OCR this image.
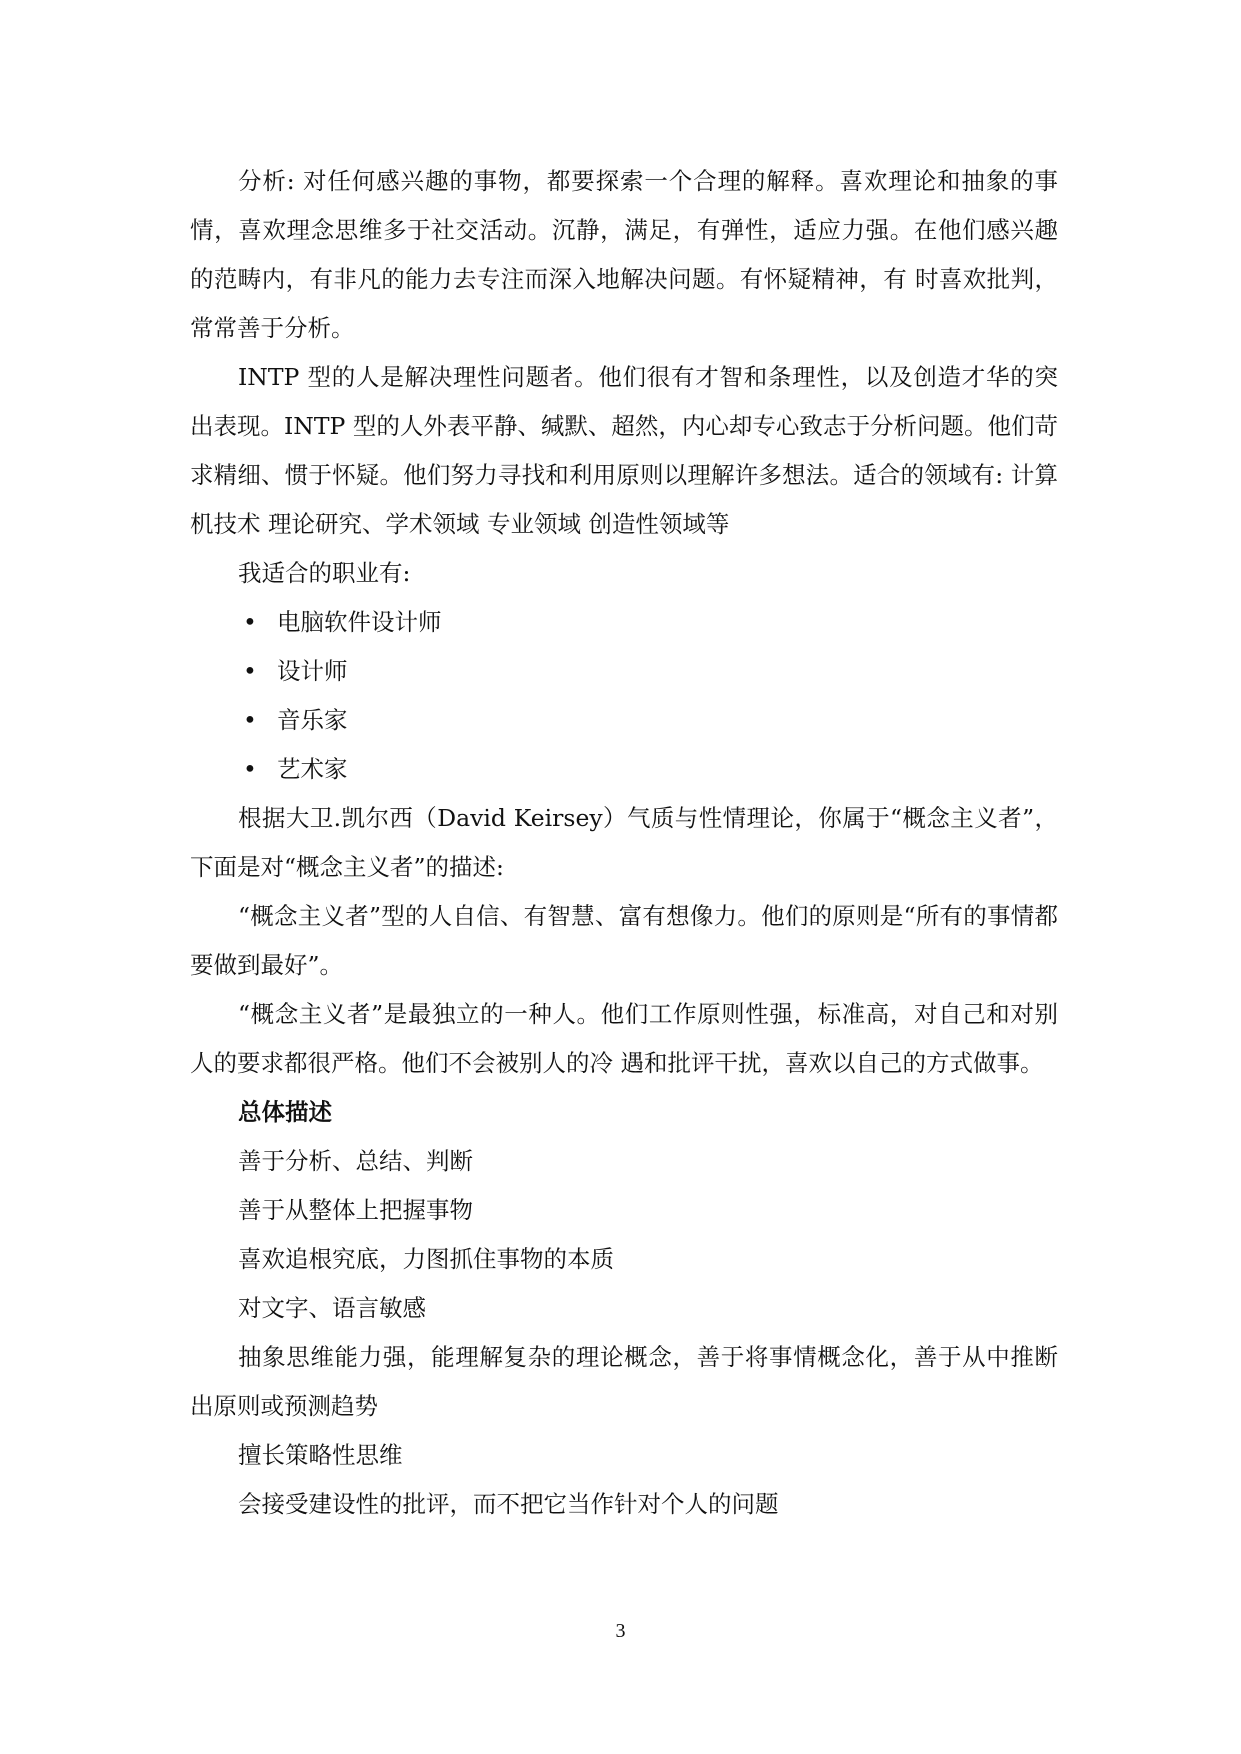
分析: 对任何感兴趣的事物，都要探索一个合理的解释。喜欢理论和抽象的事情，喜欢理念思维多于社交活动。沉静，满足，有弹性，适应力强。在他们感兴趣的范畴内，有非凡的能力去专注而深入地解决问题。有怀疑精神，有 时喜欢批判，常常善于分析。

INTP 型的人是解决理性问题者。他们很有才智和条理性，以及创造才华的突出表现。INTP 型的人外表平静、缄默、超然，内心却专心致志于分析问题。他们苛求精细、惯于怀疑。他们努力寻找和利用原则以理解许多想法。适合的领域有: 计算机技术 理论研究、学术领域 专业领域 创造性领域等

我适合的职业有:

• 电脑软件设计师
• 设计师
• 音乐家
• 艺术家

根据大卫.凯尔西（David Keirsey）气质与性情理论，你属于“概念主义者”，下面是对“概念主义者”的描述:

“概念主义者”型的人自信、有智慧、富有想像力。他们的原则是“所有的事情都要做到最好”。

“概念主义者”是最独立的一种人。他们工作原则性强，标准高，对自己和对别人的要求都很严格。他们不会被别人的冷 遇和批评干扰，喜欢以自己的方式做事。

总体描述

善于分析、总结、判断

善于从整体上把握事物

喜欢追根究底，力图抓住事物的本质

对文字、语言敏感

抽象思维能力强，能理解复杂的理论概念，善于将事情概念化，善于从中推断出原则或预测趋势

擅长策略性思维

会接受建设性的批评，而不把它当作针对个人的问题

3
